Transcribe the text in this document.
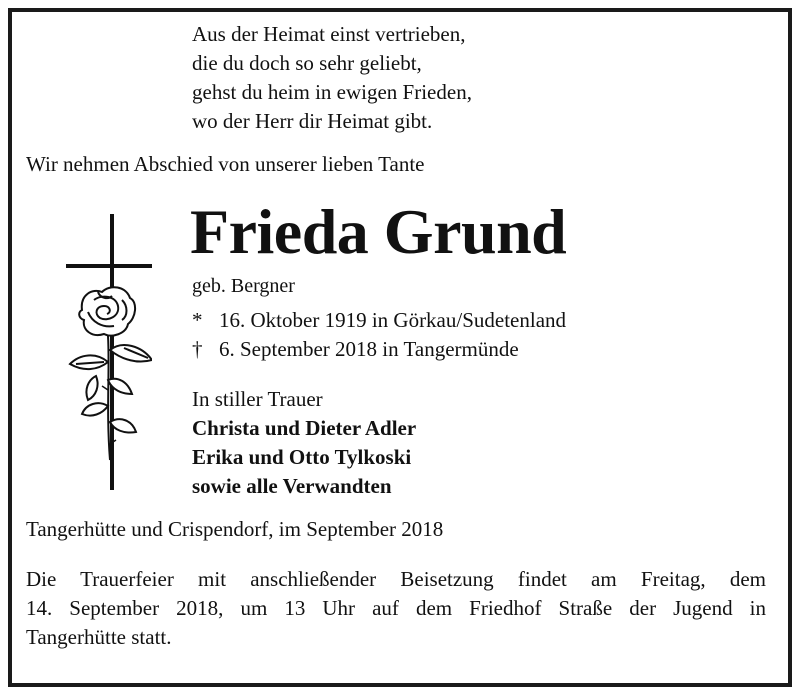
Aus der Heimat einst vertrieben,
die du doch so sehr geliebt,
gehst du heim in ewigen Frieden,
wo der Herr dir Heimat gibt.
Wir nehmen Abschied von unserer lieben Tante
Frieda Grund
geb. Bergner
* 16. Oktober 1919 in Görkau/Sudetenland
† 6. September 2018 in Tangermünde
In stiller Trauer
Christa und Dieter Adler
Erika und Otto Tylkoski
sowie alle Verwandten
Tangerhütte und Crispendorf, im September 2018
Die Trauerfeier mit anschließender Beisetzung findet am Freitag, dem
14. September 2018, um 13 Uhr auf dem Friedhof Straße der Jugend in
Tangerhütte statt.
